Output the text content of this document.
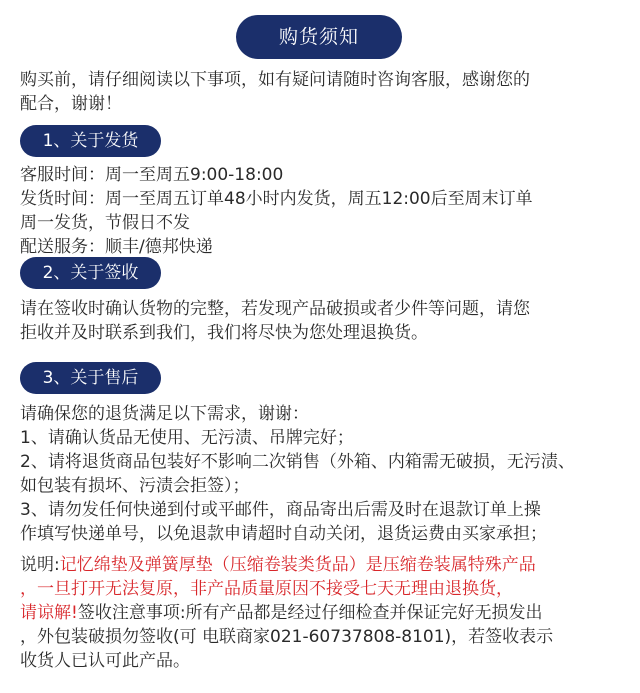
购货须知

购买前，请仔细阅读以下事项，如有疑问请随时咨询客服，感谢您的

配合，谢谢！

1、关于发货

客服时间：周一至周五9:00-18:00

发货时间：周一至周五订单48小时内发货，周五12:00后至周末订单

周一发货，节假日不发

配送服务：顺丰/德邦快递

2、关于签收

请在签收时确认货物的完整，若发现产品破损或者少件等问题，请您

拒收并及时联系到我们，我们将尽快为您处理退换货。

3、关于售后

请确保您的退货满足以下需求，谢谢：

1、请确认货品无使用、无污渍、吊牌完好；

2、请将退货商品包装好不影响二次销售（外箱、内箱需无破损，无污渍、

如包装有损坏、污渍会拒签）；

3、请勿发任何快递到付或平邮件，商品寄出后需及时在退款订单上操

作填写快递单号，以免退款申请超时自动关闭，退货运费由买家承担；

说明:记忆绵垫及弹簧厚垫（压缩卷装类货品）是压缩卷装属特殊产品

，一旦打开无法复原，非产品质量原因不接受七天无理由退换货，

请谅解!签收注意事项:所有产品都是经过仔细检查并保证完好无损发出

，外包装破损勿签收(可 电联商家021-60737808-8101)，若签收表示

收货人已认可此产品。
